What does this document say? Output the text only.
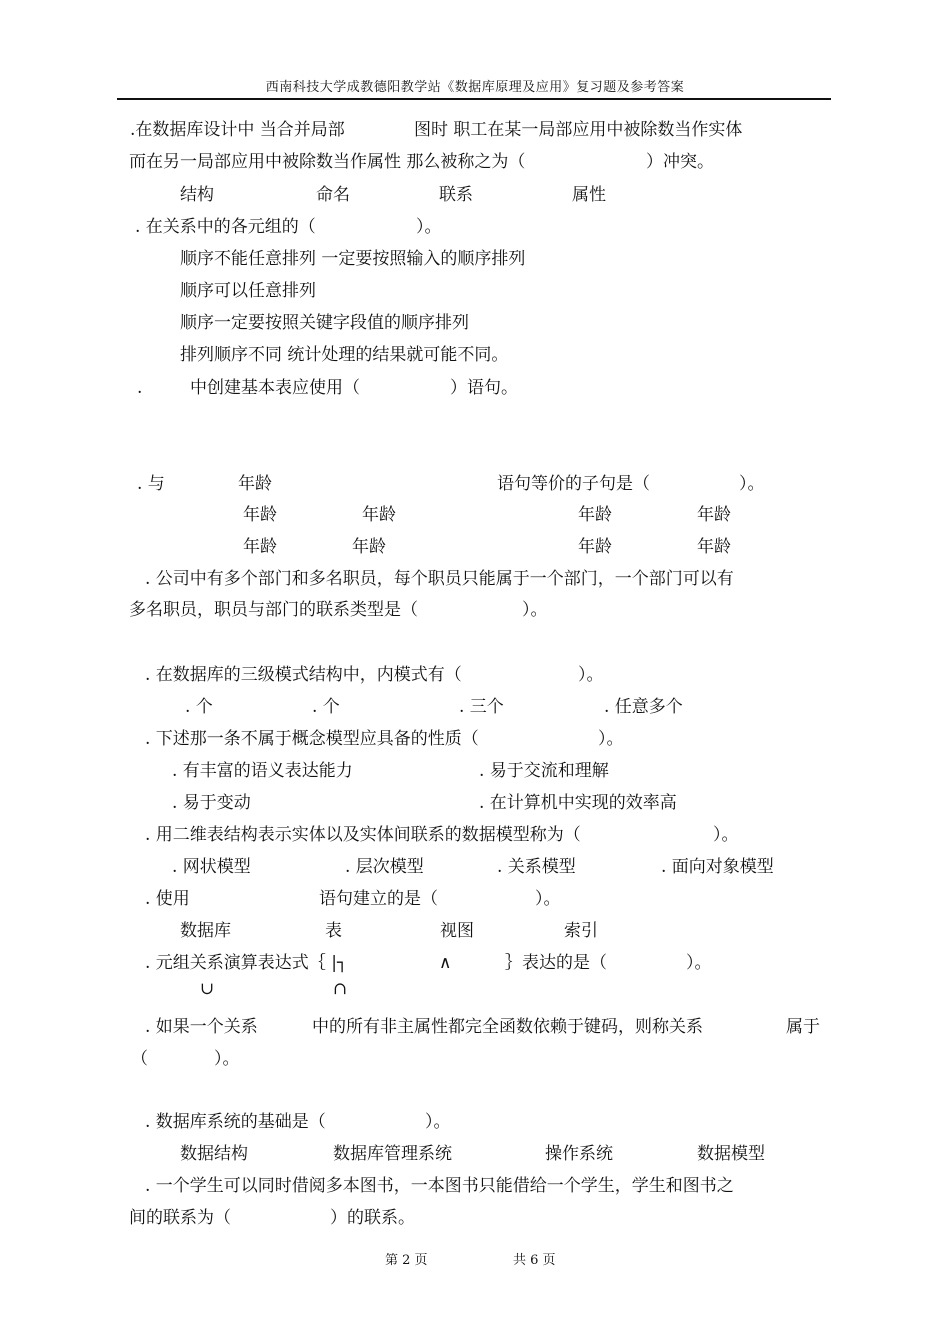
西南科技大学成教德阳教学站《数据库原理及应用》复习题及参考答案
.在数据库设计中 当合并局部	图时 职工在某一局部应用中被除数当作实体
而在另一局部应用中被除数当作属性 那么被称之为（	）冲突。
结构	命名	联系	属性
. 在关系中的各元组的（	）。
顺序不能任意排列 一定要按照输入的顺序排列
顺序可以任意排列
顺序一定要按照关键字段值的顺序排列
排列顺序不同 统计处理的结果就可能不同。
.	中创建基本表应使用（	）语句。
. 与	年龄	语句等价的子句是（	）。
年龄	年龄	年龄	年龄
年龄	年龄	年龄	年龄
. 公司中有多个部门和多名职员，每个职员只能属于一个部门，一个部门可以有
多名职员，职员与部门的联系类型是（	）。
. 在数据库的三级模式结构中，内模式有（	）。
. 个	. 个	. 三个	. 任意多个
. 下述那一条不属于概念模型应具备的性质（	）。
. 有丰富的语义表达能力	. 易于交流和理解
. 易于变动	. 在计算机中实现的效率高
. 用二维表结构表示实体以及实体间联系的数据模型称为（	）。
. 网状模型	. 层次模型	. 关系模型	. 面向对象模型
. 使用	语句建立的是（	）。
数据库	表	视图	索引
. 元组关系演算表达式｛ |┐	∧	｝表达的是（	）。
∪	∩
. 如果一个关系	中的所有非主属性都完全函数依赖于键码，则称关系	属于
（	）。
. 数据库系统的基础是（	）。
数据结构	数据库管理系统	操作系统	数据模型
. 一个学生可以同时借阅多本图书，一本图书只能借给一个学生，学生和图书之
间的联系为（	）的联系。
第 2 页	共 6 页
